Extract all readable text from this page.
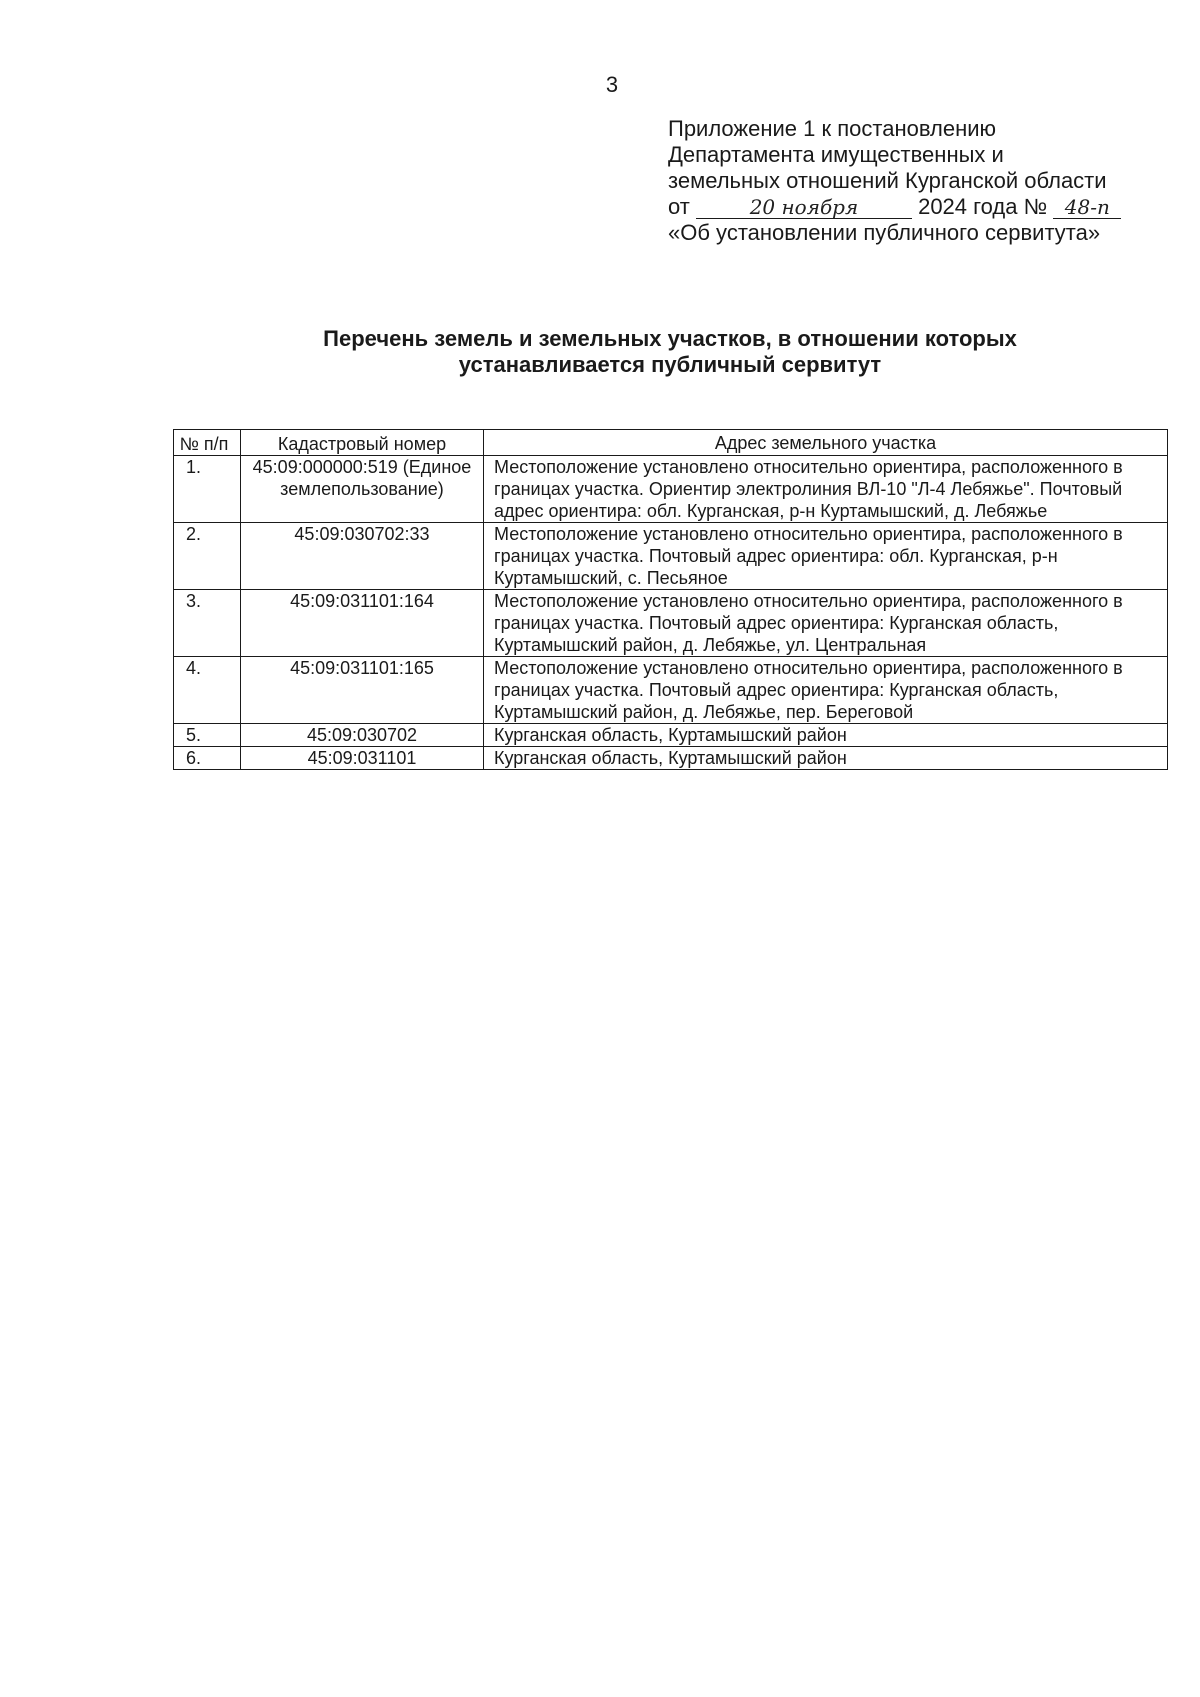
3
Приложение 1 к постановлению
Департамента имущественных и
земельных отношений Курганской области
от	20 ноября	2024 года № 48-п
«Об установлении публичного сервитута»
Перечень земель и земельных участков, в отношении которых
устанавливается публичный сервитут
№ п/п	Кадастровый номер	Адрес земельного участка
1.	45:09:000000:519 (Единое землепользование)	Местоположение установлено относительно ориентира, расположенного в границах участка. Ориентир электролиния ВЛ-10 "Л-4 Лебяжье". Почтовый адрес ориентира: обл. Курганская, р-н Куртамышский, д. Лебяжье
2.	45:09:030702:33	Местоположение установлено относительно ориентира, расположенного в границах участка. Почтовый адрес ориентира: обл. Курганская, р-н Куртамышский, с. Песьяное
3.	45:09:031101:164	Местоположение установлено относительно ориентира, расположенного в границах участка. Почтовый адрес ориентира: Курганская область, Куртамышский район, д. Лебяжье, ул. Центральная
4.	45:09:031101:165	Местоположение установлено относительно ориентира, расположенного в границах участка. Почтовый адрес ориентира: Курганская область, Куртамышский район, д. Лебяжье, пер. Береговой
5.	45:09:030702	Курганская область, Куртамышский район
6.	45:09:031101	Курганская область, Куртамышский район
